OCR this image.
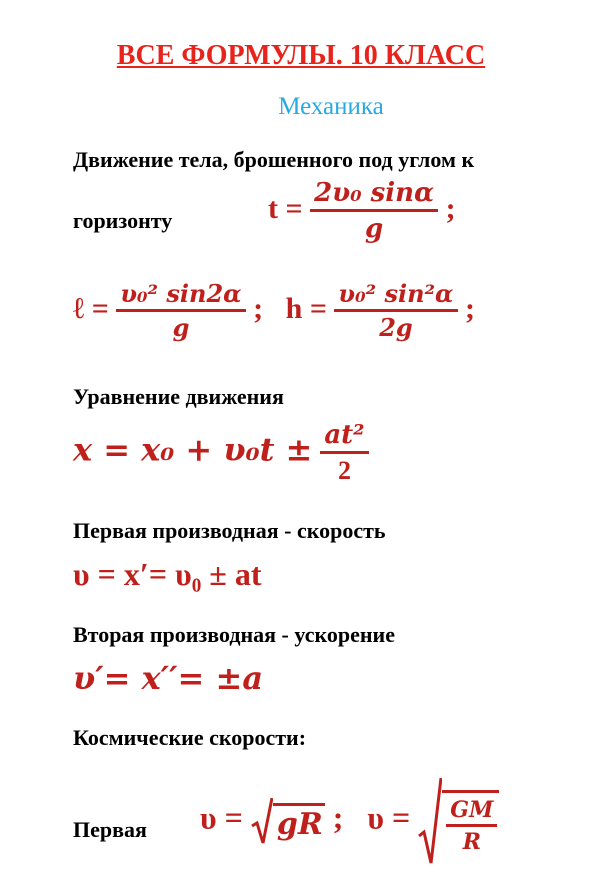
ВСЕ ФОРМУЛЫ. 10 КЛАСС
Механика
Движение тела, брошенного под углом к
горизонту	$t = \frac{\text{2υ₀ sinα}}{g}$ ;
ℓ = $\frac{\text{υ₀² sin2α}}{g}$ ; $h = \frac{\text{υ₀² sin²α}}{2g}$ ;
Уравнение движения
$x = x_0 + \upsilon_0t \pm \frac{\text{at²}}{2}$
Первая производная - скорость
υ = x′= υ₀ ± at
Вторая производная - ускорение
υ′= x′′= ±a
Космические скорости:
Первая υ = gR ; $\upsilon = \frac{GM}{R}$
